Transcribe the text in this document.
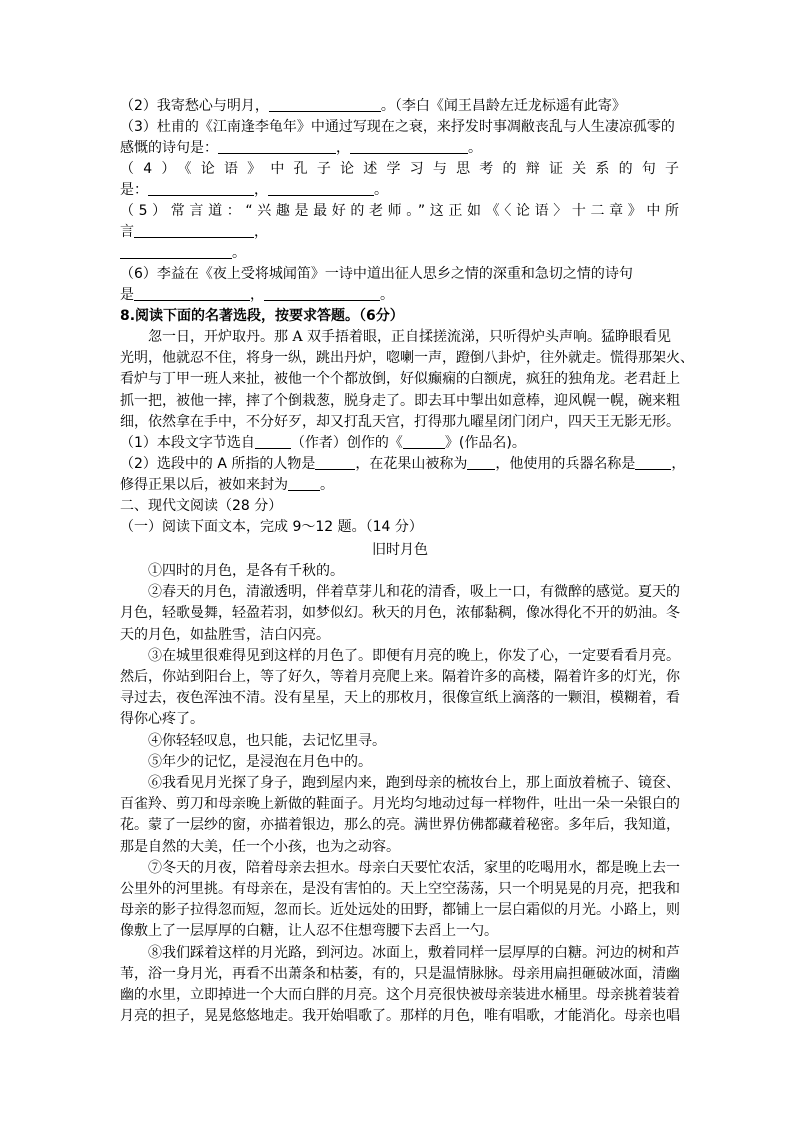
（2）我寄愁心与明月，	。（李白《闻王昌龄左迁龙标遥有此寄》

（3）杜甫的《江南逢李龟年》中通过写现在之衰，来抒发时事凋敝丧乱与人生凄凉孤零的

感慨的诗句是：	，	。

（4）《论语》中孔子论述学习与思考的辩证关系的句子

是：	，	。

（5）常言道：“兴趣是最好的老师。”这正如《〈论语〉十二章》中所

言	，

。

（6）李益在《夜上受将城闻笛》一诗中道出征人思乡之情的深重和急切之情的诗句

是	，	。

8.阅读下面的名著选段，按要求答题。（6分）

忽一日，开炉取丹。那 A 双手捂着眼，正自揉搓流涕，只听得炉头声响。猛睁眼看见

光明，他就忍不住，将身一纵，跳出丹炉，唿喇一声，蹬倒八卦炉，往外就走。慌得那架火、

看炉与丁甲一班人来扯，被他一个个都放倒，好似癫痫的白额虎，疯狂的独角龙。老君赶上

抓一把，被他一摔，摔了个倒栽葱，脱身走了。即去耳中掣出如意棒，迎风幌一幌，碗来粗

细，依然拿在手中，不分好歹，却又打乱天宫，打得那九曜星闭门闭户，四天王无影无形。

（1）本段文字节选自	（作者）创作的《	》(作品名)。

（2）选段中的 A 所指的人物是	，在花果山被称为 ，他使用的兵器名称是	，

修得正果以后，被如来封为 。

二、现代文阅读（28 分）

（一）阅读下面文本，完成 9～12 题。（14 分）

旧时月色

①四时的月色，是各有千秋的。

②春天的月色，清澈透明，伴着草芽儿和花的清香，吸上一口，有微醉的感觉。夏天的

月色，轻歌曼舞，轻盈若羽，如梦似幻。秋天的月色，浓郁黏稠，像冰得化不开的奶油。冬

天的月色，如盐胜雪，洁白闪亮。

③在城里很难得见到这样的月色了。即便有月亮的晚上，你发了心，一定要看看月亮。

然后，你站到阳台上，等了好久，等着月亮爬上来。隔着许多的高楼，隔着许多的灯光，你

寻过去，夜色浑浊不清。没有星星，天上的那枚月，很像宣纸上滴落的一颗泪，模糊着，看

得你心疼了。

④你轻轻叹息，也只能，去记忆里寻。

⑤年少的记忆，是浸泡在月色中的。

⑥我看见月光探了身子，跑到屋内来，跑到母亲的梳妆台上，那上面放着梳子、镜奁、

百雀羚、剪刀和母亲晚上新做的鞋面子。月光均匀地动过每一样物件，吐出一朵一朵银白的

花。蒙了一层纱的窗，亦描着银边，那么的亮。满世界仿佛都藏着秘密。多年后，我知道，

那是自然的大美，任一个小孩，也为之动容。

⑦冬天的月夜，陪着母亲去担水。母亲白天要忙农活，家里的吃喝用水，都是晚上去一

公里外的河里挑。有母亲在，是没有害怕的。天上空空荡荡，只一个明晃晃的月亮，把我和

母亲的影子拉得忽而短，忽而长。近处远处的田野，都铺上一层白霜似的月光。小路上，则

像敷上了一层厚厚的白糖，让人忍不住想弯腰下去舀上一勺。

⑧我们踩着这样的月光路，到河边。冰面上，敷着同样一层厚厚的白糖。河边的树和芦

苇，浴一身月光，再看不出萧条和枯萎，有的，只是温情脉脉。母亲用扁担砸破冰面，清幽

幽的水里，立即掉进一个大而白胖的月亮。这个月亮很快被母亲装进水桶里。母亲挑着装着

月亮的担子，晃晃悠悠地走。我开始唱歌了。那样的月色，唯有唱歌，才能消化。母亲也唱
